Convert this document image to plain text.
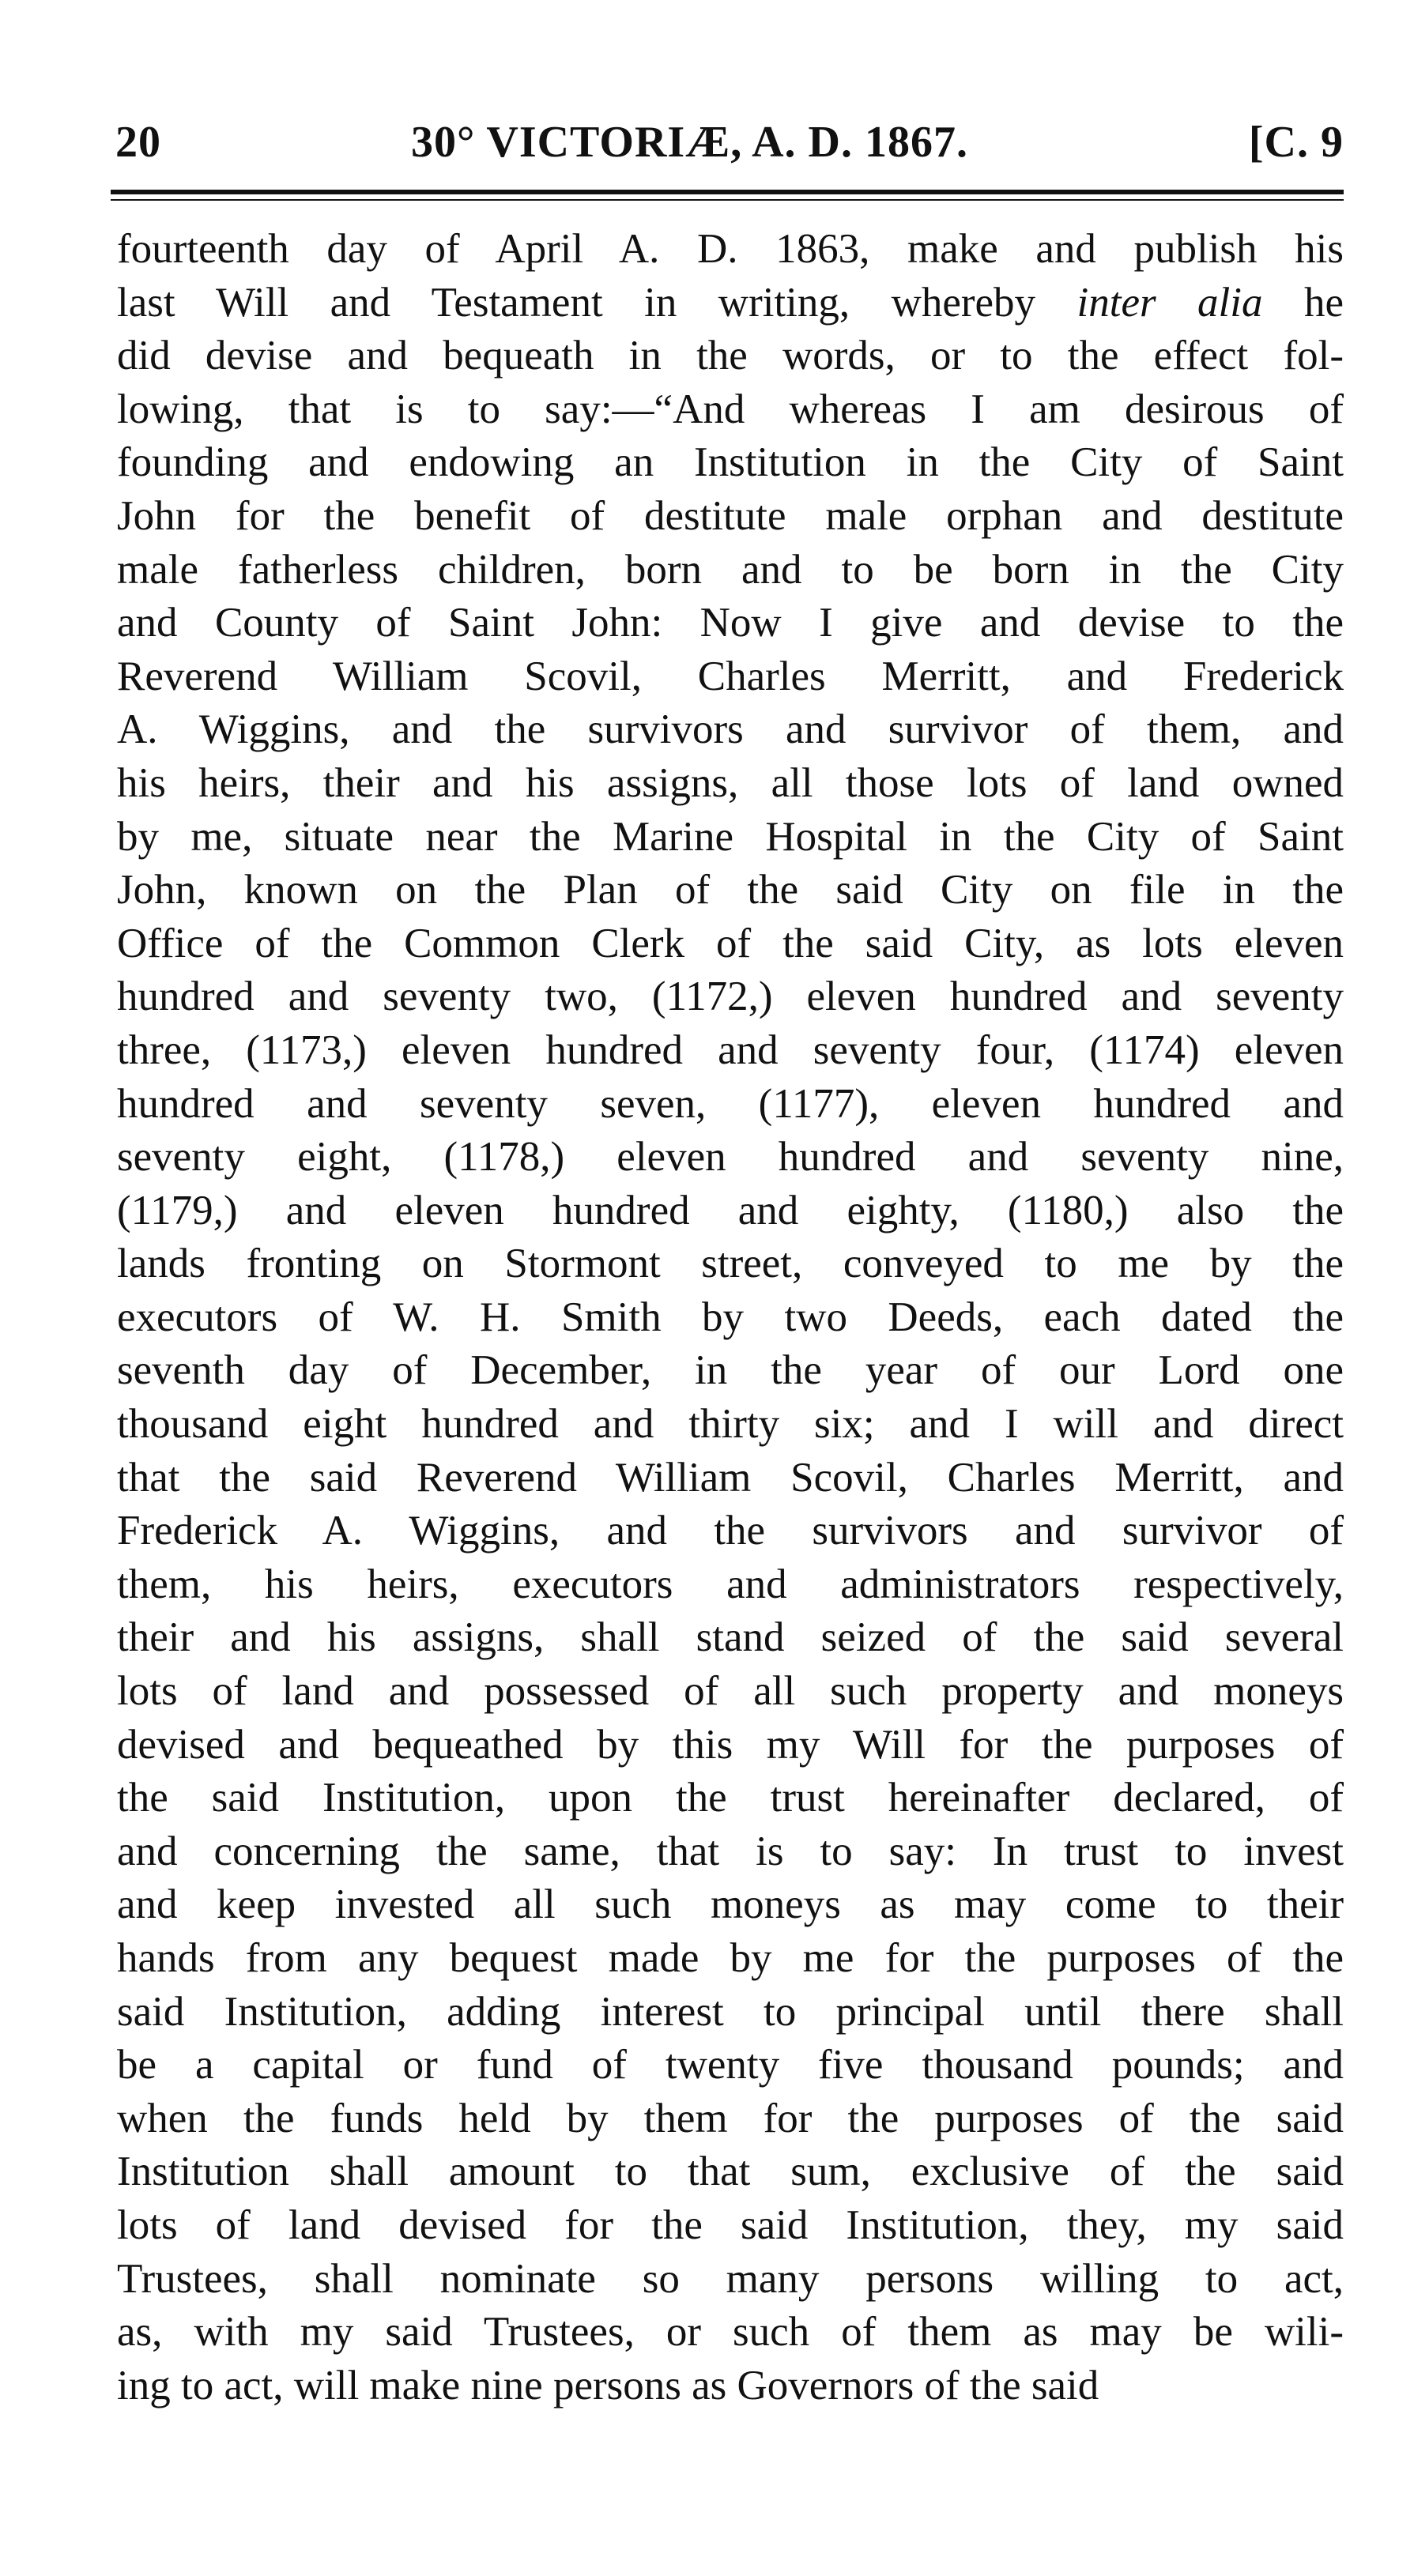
20	30° VICTORIÆ, A. D. 1867.	[C. 9
fourteenth day of April A. D. 1863, make and publish his
last Will and Testament in writing, whereby inter alia he
did devise and bequeath in the words, or to the effect fol-
lowing, that is to say:—“And whereas I am desirous of
founding and endowing an Institution in the City of Saint
John for the benefit of destitute male orphan and destitute
male fatherless children, born and to be born in the City
and County of Saint John: Now I give and devise to the
Reverend William Scovil, Charles Merritt, and Frederick
A. Wiggins, and the survivors and survivor of them, and
his heirs, their and his assigns, all those lots of land owned
by me, situate near the Marine Hospital in the City of Saint
John, known on the Plan of the said City on file in the
Office of the Common Clerk of the said City, as lots eleven
hundred and seventy two, (1172,) eleven hundred and seventy
three, (1173,) eleven hundred and seventy four, (1174) eleven
hundred and seventy seven, (1177), eleven hundred and
seventy eight, (1178,) eleven hundred and seventy nine,
(1179,) and eleven hundred and eighty, (1180,) also the
lands fronting on Stormont street, conveyed to me by the
executors of W. H. Smith by two Deeds, each dated the
seventh day of December, in the year of our Lord one
thousand eight hundred and thirty six; and I will and direct
that the said Reverend William Scovil, Charles Merritt, and
Frederick A. Wiggins, and the survivors and survivor of
them, his heirs, executors and administrators respectively,
their and his assigns, shall stand seized of the said several
lots of land and possessed of all such property and moneys
devised and bequeathed by this my Will for the purposes of
the said Institution, upon the trust hereinafter declared, of
and concerning the same, that is to say: In trust to invest
and keep invested all such moneys as may come to their
hands from any bequest made by me for the purposes of the
said Institution, adding interest to principal until there shall
be a capital or fund of twenty five thousand pounds; and
when the funds held by them for the purposes of the said
Institution shall amount to that sum, exclusive of the said
lots of land devised for the said Institution, they, my said
Trustees, shall nominate so many persons willing to act,
as, with my said Trustees, or such of them as may be wili-
ing to act, will make nine persons as Governors of the said
